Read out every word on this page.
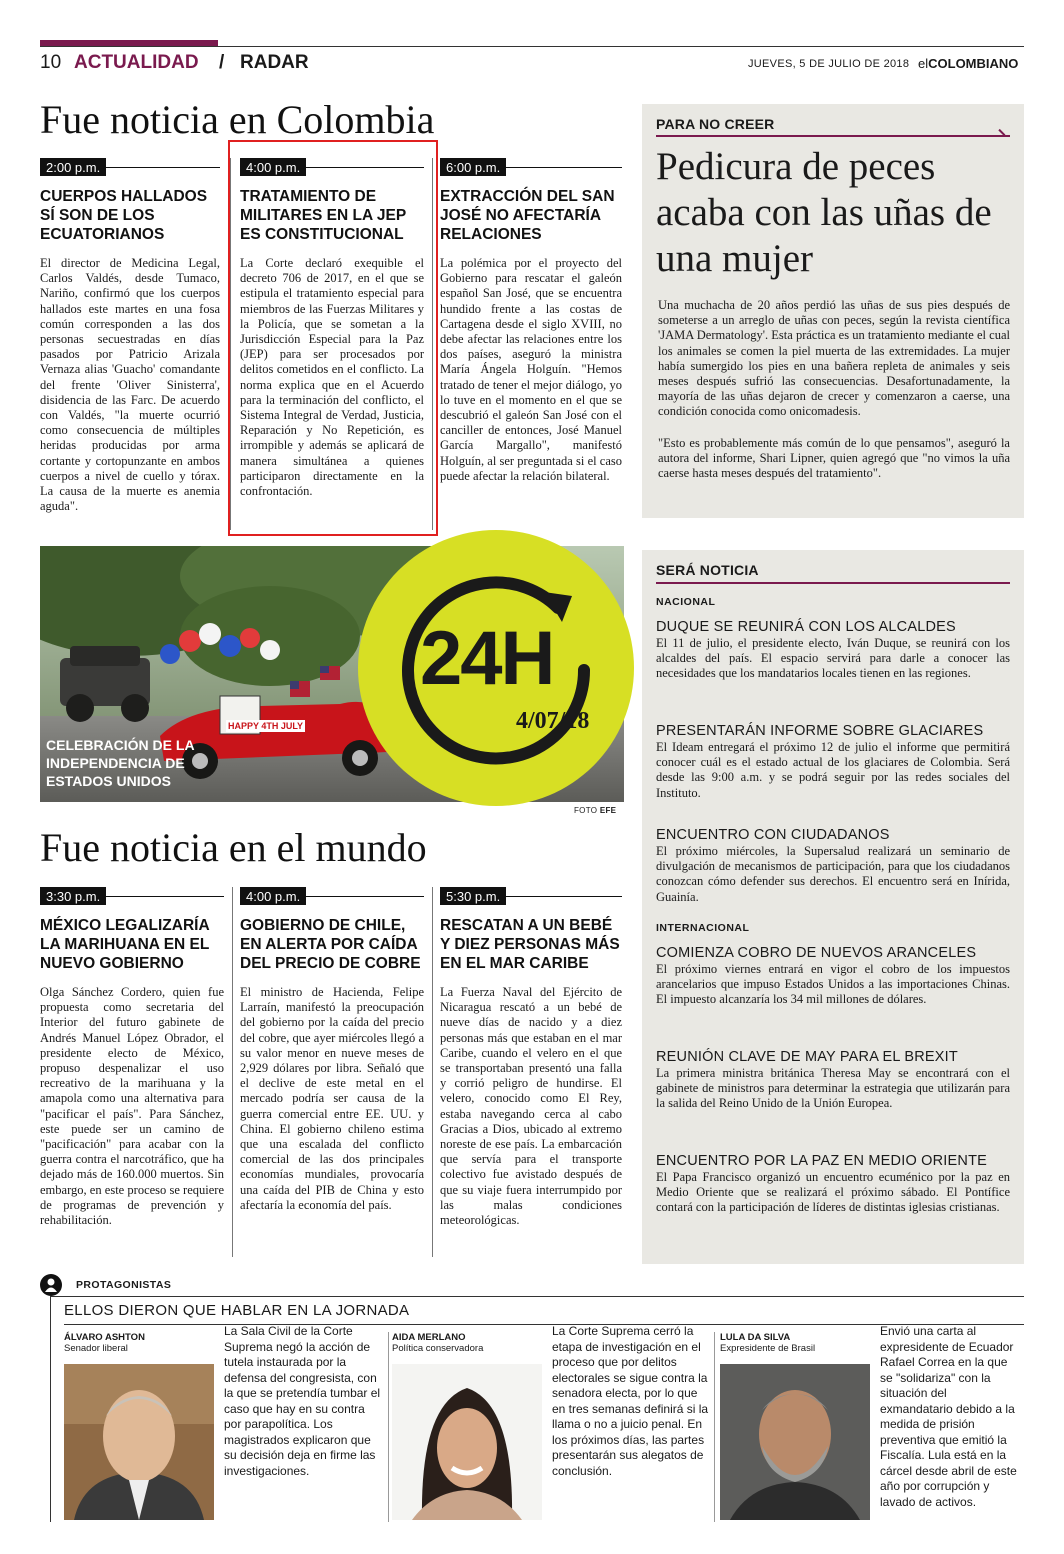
10 ACTUALIDAD / RADAR	JUEVES, 5 DE JULIO DE 2018 elCOLOMBIANO
Fue noticia en Colombia
2:00 p.m.
CUERPOS HALLADOS SÍ SON DE LOS ECUATORIANOS

El director de Medicina Legal, Carlos Valdés, desde Tumaco, Nariño, confirmó que los cuerpos hallados este martes en una fosa común corresponden a las dos personas secuestradas en días pasados por Patricio Arizala Vernaza alias 'Guacho' comandante del frente 'Oliver Sinisterra', disidencia de las Farc. De acuerdo con Valdés, "la muerte ocurrió como consecuencia de múltiples heridas producidas por arma cortante y cortopunzante en ambos cuerpos a nivel de cuello y tórax. La causa de la muerte es anemia aguda".

4:00 p.m.
TRATAMIENTO DE MILITARES EN LA JEP ES CONSTITUCIONAL

La Corte declaró exequible el decreto 706 de 2017, en el que se estipula el tratamiento especial para miembros de las Fuerzas Militares y la Policía, que se sometan a la Jurisdicción Especial para la Paz (JEP) para ser procesados por delitos cometidos en el conflicto. La norma explica que en el Acuerdo para la terminación del conflicto, el Sistema Integral de Verdad, Justicia, Reparación y No Repetición, es irrompible y además se aplicará de manera simultánea a quienes participaron directamente en la confrontación.

6:00 p.m.
EXTRACCIÓN DEL SAN JOSÉ NO AFECTARÍA RELACIONES

La polémica por el proyecto del Gobierno para rescatar el galeón español San José, que se encuentra hundido frente a las costas de Cartagena desde el siglo XVIII, no debe afectar las relaciones entre los dos países, aseguró la ministra María Ángela Holguín. "Hemos tratado de tener el mejor diálogo, yo lo tuve en el momento en el que se descubrió el galeón San José con el canciller de entonces, José Manuel García Margallo", manifestó Holguín, al ser preguntada si el caso puede afectar la relación bilateral.

PARA NO CREER
Pedicura de peces acaba con las uñas de una mujer
Una muchacha de 20 años perdió las uñas de sus pies después de someterse a un arreglo de uñas con peces, según la revista científica 'JAMA Dermatology'. Esta práctica es un tratamiento mediante el cual los animales se comen la piel muerta de las extremidades. La mujer había sumergido los pies en una bañera repleta de animales y seis meses después sufrió las consecuencias. Desafortunadamente, la mayoría de las uñas dejaron de crecer y comenzaron a caerse, una condición conocida como onicomadesis.
"Esto es probablemente más común de lo que pensamos", aseguró la autora del informe, Shari Lipner, quien agregó que "no vimos la uña caerse hasta meses después del tratamiento".
HAPPY 4TH JULY
CELEBRACIÓN DE LA INDEPENDENCIA DE ESTADOS UNIDOS
24H
4/07/18
FOTO EFE
SERÁ NOTICIA
NACIONAL
DUQUE SE REUNIRÁ CON LOS ALCALDES
El 11 de julio, el presidente electo, Iván Duque, se reunirá con los alcaldes del país. El espacio servirá para darle a conocer las necesidades que los mandatarios locales tienen en las regiones.
PRESENTARÁN INFORME SOBRE GLACIARES
El Ideam entregará el próximo 12 de julio el informe que permitirá conocer cuál es el estado actual de los glaciares de Colombia. Será desde las 9:00 a.m. y se podrá seguir por las redes sociales del Instituto.
ENCUENTRO CON CIUDADANOS
El próximo miércoles, la Supersalud realizará un seminario de divulgación de mecanismos de participación, para que los ciudadanos conozcan cómo defender sus derechos. El encuentro será en Inírida, Guainía.
INTERNACIONAL
COMIENZA COBRO DE NUEVOS ARANCELES
El próximo viernes entrará en vigor el cobro de los impuestos arancelarios que impuso Estados Unidos a las importaciones Chinas. El impuesto alcanzaría los 34 mil millones de dólares.
REUNIÓN CLAVE DE MAY PARA EL BREXIT
La primera ministra británica Theresa May se encontrará con el gabinete de ministros para determinar la estrategia que utilizarán para la salida del Reino Unido de la Unión Europea.
ENCUENTRO POR LA PAZ EN MEDIO ORIENTE
El Papa Francisco organizó un encuentro ecuménico por la paz en Medio Oriente que se realizará el próximo sábado. El Pontífice contará con la participación de líderes de distintas iglesias cristianas.
Fue noticia en el mundo
3:30 p.m.
MÉXICO LEGALIZARÍA LA MARIHUANA EN EL NUEVO GOBIERNO

Olga Sánchez Cordero, quien fue propuesta como secretaria del Interior del futuro gabinete de Andrés Manuel López Obrador, el presidente electo de México, propuso despenalizar el uso recreativo de la marihuana y la amapola como una alternativa para "pacificar el país". Para Sánchez, este puede ser un camino de "pacificación" para acabar con la guerra contra el narcotráfico, que ha dejado más de 160.000 muertos. Sin embargo, en este proceso se requiere de programas de prevención y rehabilitación.

4:00 p.m.
GOBIERNO DE CHILE, EN ALERTA POR CAÍDA DEL PRECIO DE COBRE

El ministro de Hacienda, Felipe Larraín, manifestó la preocupación del gobierno por la caída del precio del cobre, que ayer miércoles llegó a su valor menor en nueve meses de 2,929 dólares por libra. Señaló que el declive de este metal en el mercado podría ser causa de la guerra comercial entre EE. UU. y China. El gobierno chileno estima que una escalada del conflicto comercial de las dos principales economías mundiales, provocaría una caída del PIB de China y esto afectaría la economía del país.

5:30 p.m.
RESCATAN A UN BEBÉ Y DIEZ PERSONAS MÁS EN EL MAR CARIBE

La Fuerza Naval del Ejército de Nicaragua rescató a un bebé de nueve días de nacido y a diez personas más que estaban en el mar Caribe, cuando el velero en el que se transportaban presentó una falla y corrió peligro de hundirse. El velero, conocido como El Rey, estaba navegando cerca al cabo Gracias a Dios, ubicado al extremo noreste de ese país. La embarcación que servía para el transporte colectivo fue avistado después de que su viaje fuera interrumpido por las malas condiciones meteorológicas.

PROTAGONISTAS
ELLOS DIERON QUE HABLAR EN LA JORNADA
ÁLVARO ASHTON
Senador liberal

La Sala Civil de la Corte Suprema negó la acción de tutela instaurada por la defensa del congresista, con la que se pretendía tumbar el caso que hay en su contra por parapolítica. Los magistrados explicaron que su decisión deja en firme las investigaciones.

AIDA MERLANO
Política conservadora

La Corte Suprema cerró la etapa de investigación en el proceso que por delitos electorales se sigue contra la senadora electa, por lo que en tres semanas definirá si la llama o no a juicio penal. En los próximos días, las partes presentarán sus alegatos de conclusión.

LULA DA SILVA
Expresidente de Brasil

Envió una carta al expresidente de Ecuador Rafael Correa en la que se "solidariza" con la situación del exmandatario debido a la medida de prisión preventiva que emitió la Fiscalía. Lula está en la cárcel desde abril de este año por corrupción y lavado de activos.
